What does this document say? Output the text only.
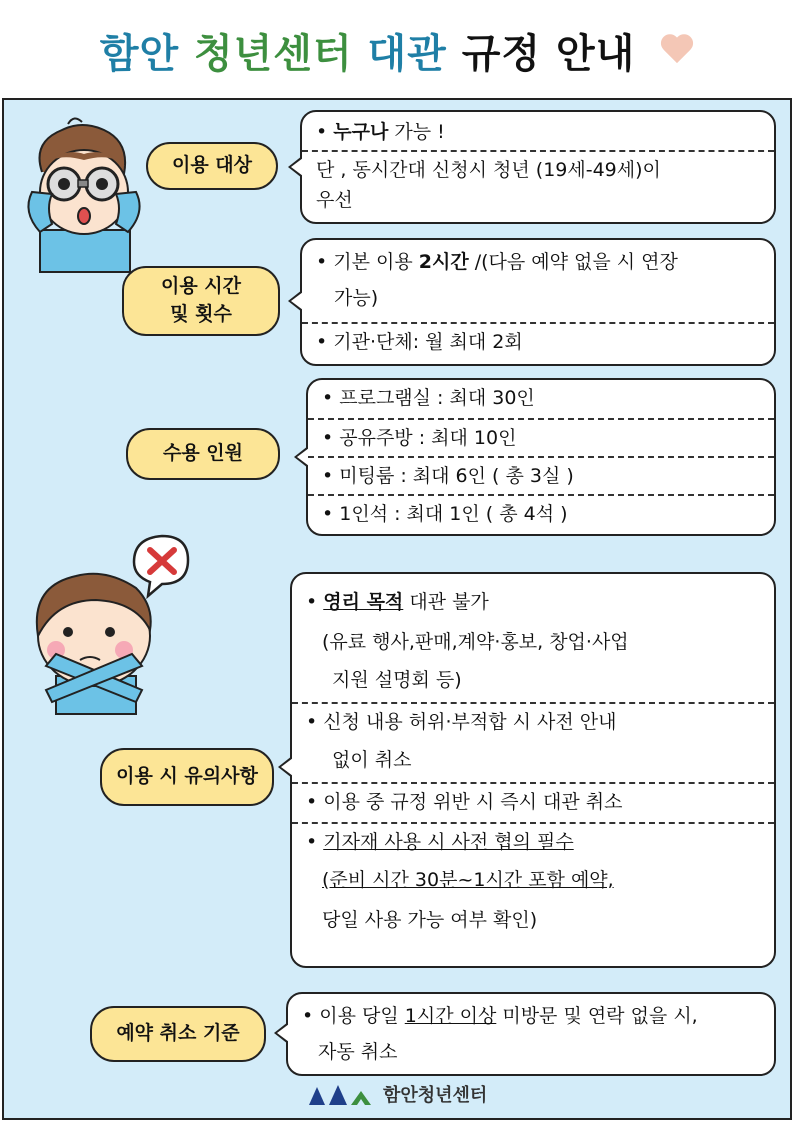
함안 청년센터 대관 규정 안내
이용 대상
• 누구나 가능 !
단 , 동시간대 신청시 청년 (19세-49세)이
우선
이용 시간
및 횟수
• 기본 이용 2시간 /(다음 예약 없을 시 연장
가능)
• 기관·단체: 월 최대 2회
수용 인원
• 프로그램실 : 최대 30인
• 공유주방 : 최대 10인
• 미팅룸 : 최대 6인 ( 총 3실 )
• 1인석 : 최대 1인 ( 총 4석 )
이용 시 유의사항
• 영리 목적 대관 불가
(유료 행사,판매,계약·홍보, 창업·사업
지원 설명회 등)
• 신청 내용 허위·부적합 시 사전 안내
없이 취소
• 이용 중 규정 위반 시 즉시 대관 취소
• 기자재 사용 시 사전 협의 필수
(준비 시간 30분~1시간 포함 예약,
당일 사용 가능 여부 확인)
예약 취소 기준
• 이용 당일 1시간 이상 미방문 및 연락 없을 시,
자동 취소
함안청년센터
